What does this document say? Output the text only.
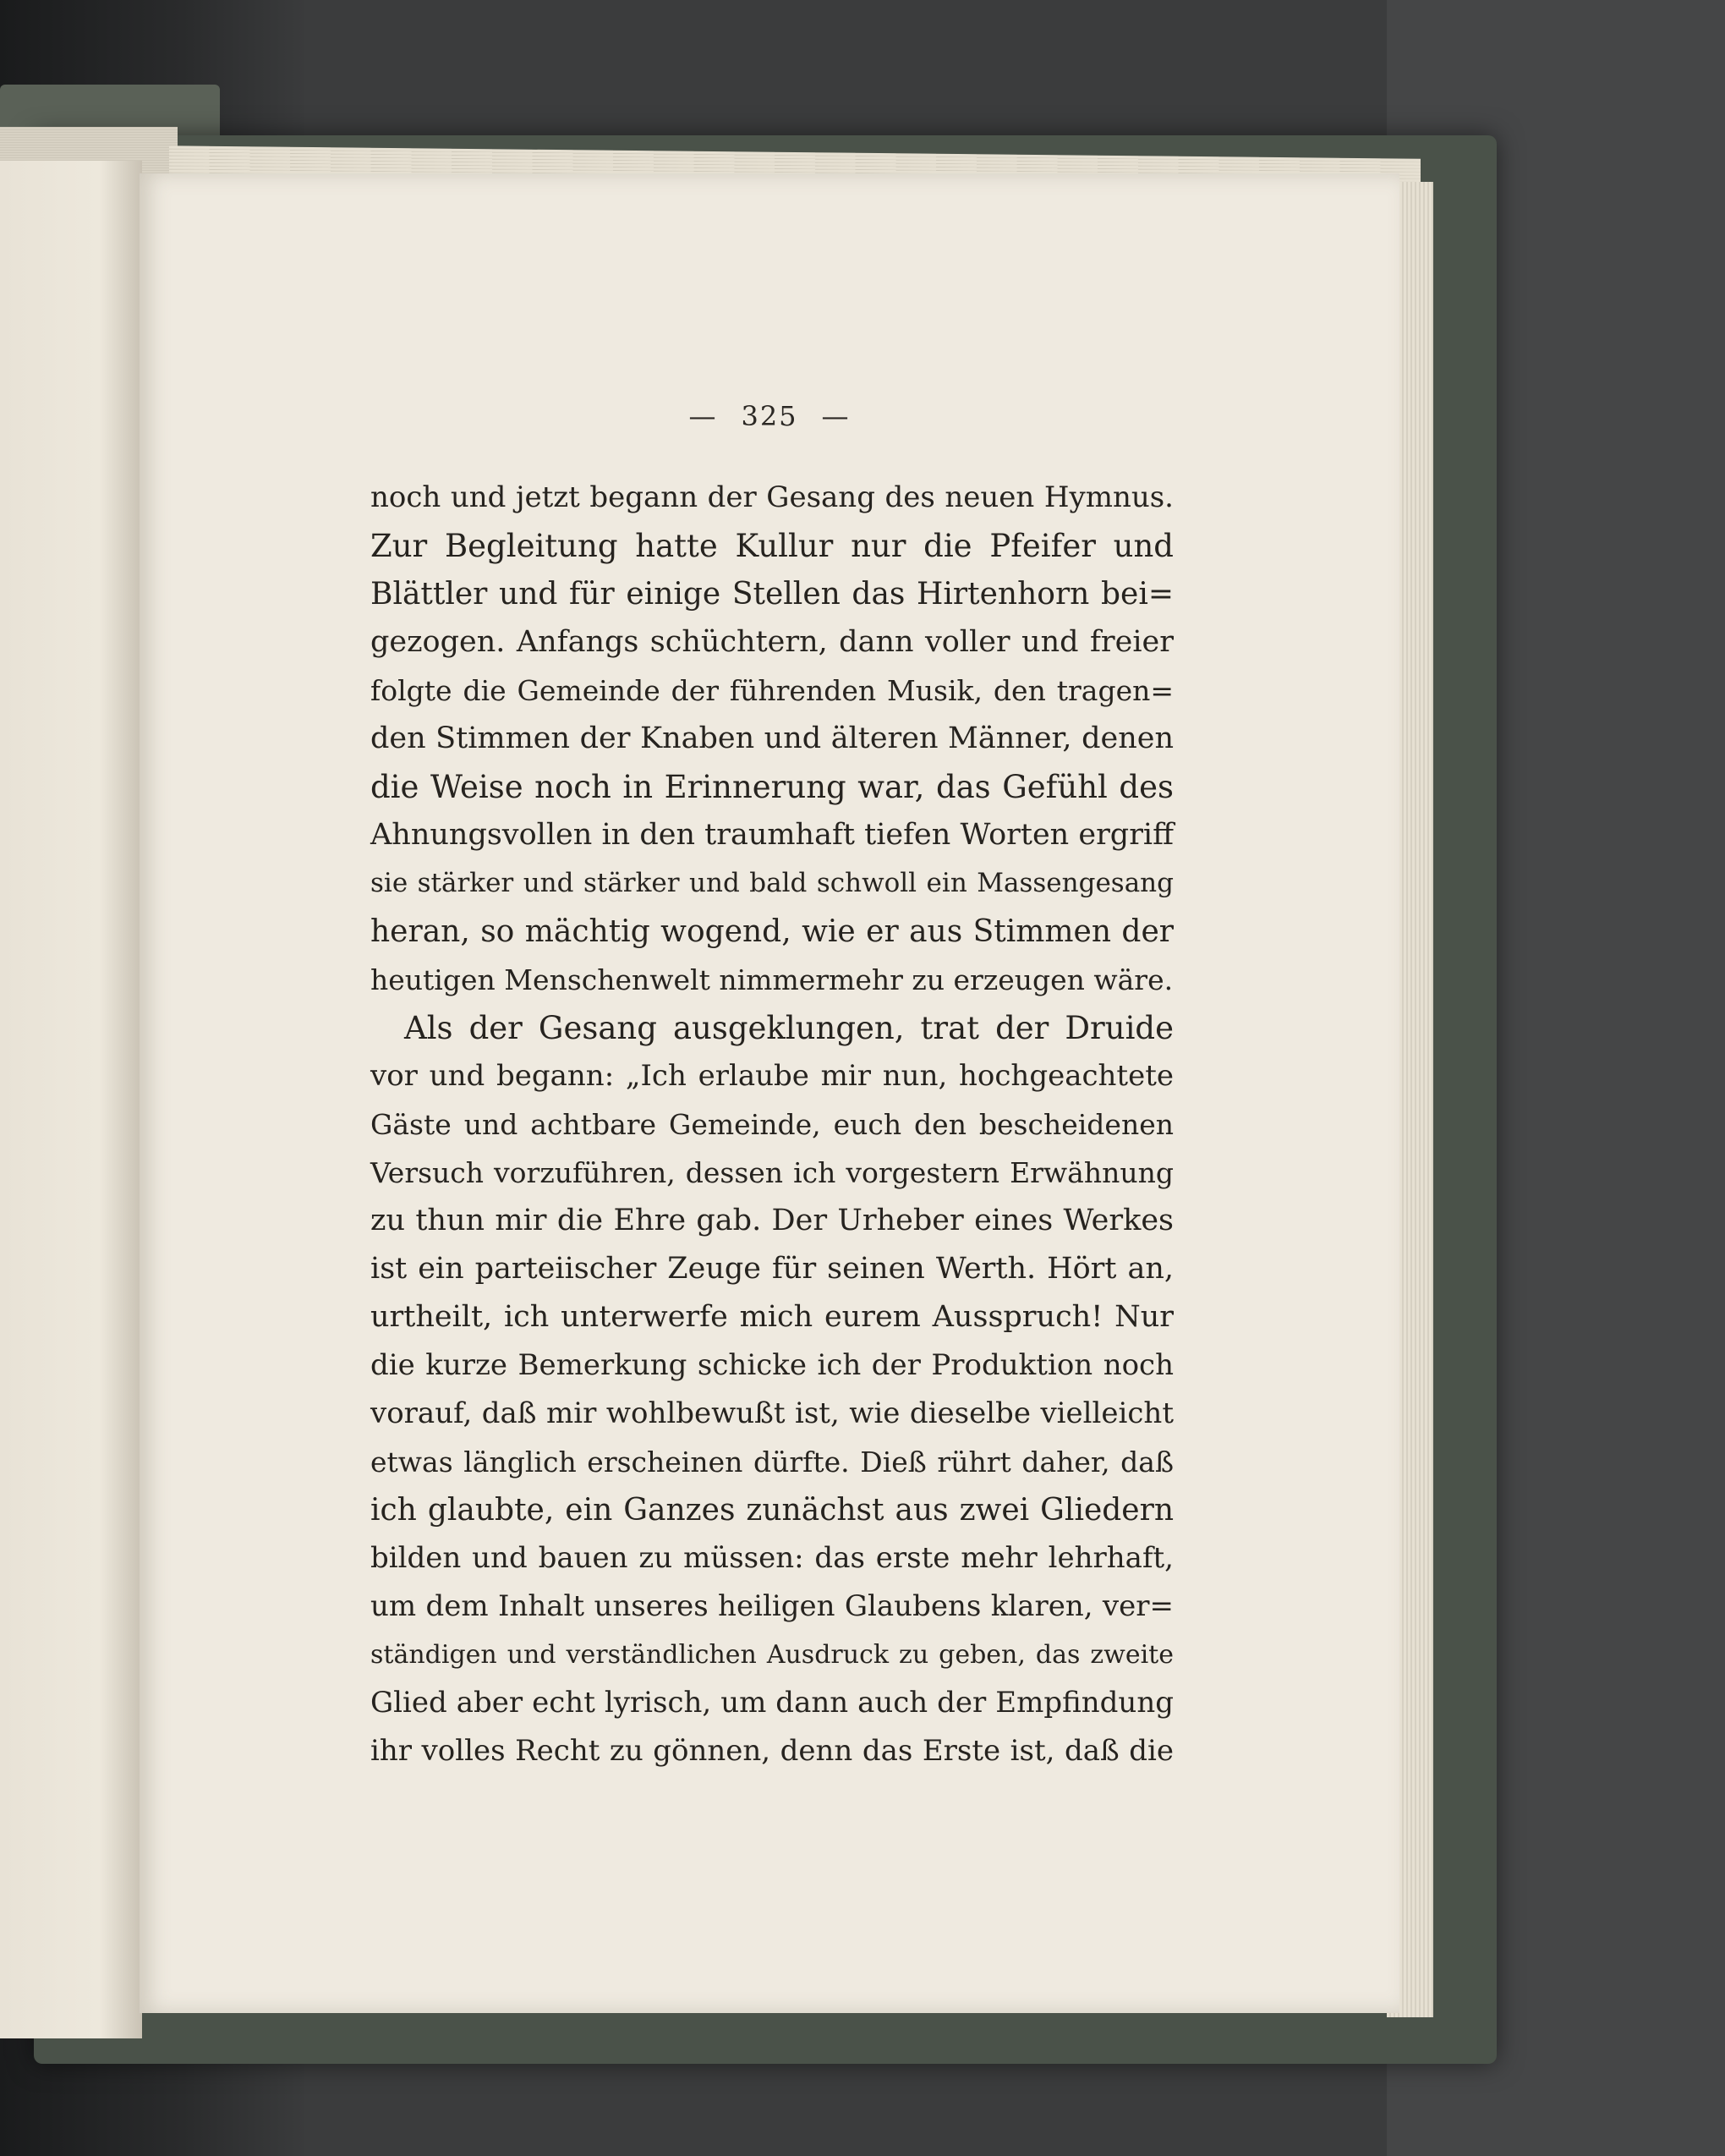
— 325 —
noch und jetzt begann der Gesang des neuen Hymnus.
Zur Begleitung hatte Kullur nur die Pfeifer und
Blättler und für einige Stellen das Hirtenhorn bei=
gezogen. Anfangs schüchtern, dann voller und freier
folgte die Gemeinde der führenden Musik, den tragen=
den Stimmen der Knaben und älteren Männer, denen
die Weise noch in Erinnerung war, das Gefühl des
Ahnungsvollen in den traumhaft tiefen Worten ergriff
sie stärker und stärker und bald schwoll ein Massengesang
heran, so mächtig wogend, wie er aus Stimmen der
heutigen Menschenwelt nimmermehr zu erzeugen wäre.
Als der Gesang ausgeklungen, trat der Druide
vor und begann: „Ich erlaube mir nun, hochgeachtete
Gäste und achtbare Gemeinde, euch den bescheidenen
Versuch vorzuführen, dessen ich vorgestern Erwähnung
zu thun mir die Ehre gab. Der Urheber eines Werkes
ist ein parteiischer Zeuge für seinen Werth. Hört an,
urtheilt, ich unterwerfe mich eurem Ausspruch! Nur
die kurze Bemerkung schicke ich der Produktion noch
vorauf, daß mir wohlbewußt ist, wie dieselbe vielleicht
etwas länglich erscheinen dürfte. Dieß rührt daher, daß
ich glaubte, ein Ganzes zunächst aus zwei Gliedern
bilden und bauen zu müssen: das erste mehr lehrhaft,
um dem Inhalt unseres heiligen Glaubens klaren, ver=
ständigen und verständlichen Ausdruck zu geben, das zweite
Glied aber echt lyrisch, um dann auch der Empfindung
ihr volles Recht zu gönnen, denn das Erste ist, daß die
